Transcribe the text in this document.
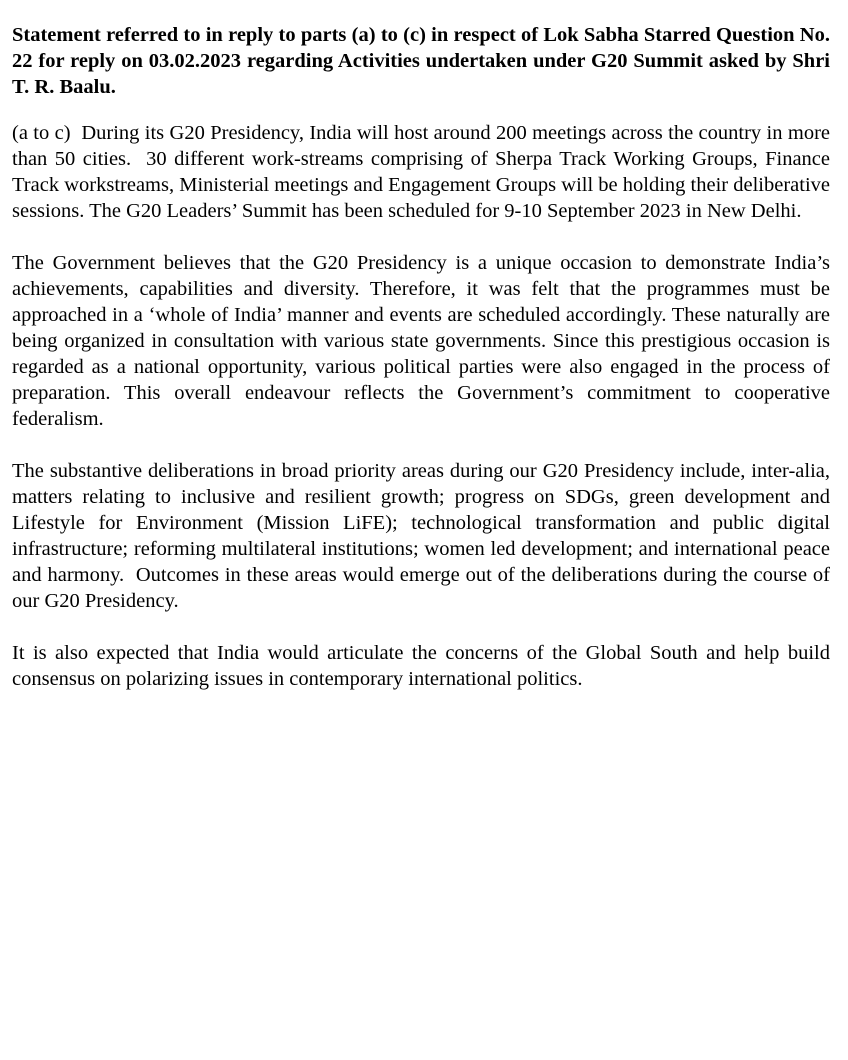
Statement referred to in reply to parts (a) to (c) in respect of Lok Sabha Starred Question No. 22 for reply on 03.02.2023 regarding Activities undertaken under G20 Summit asked by Shri T. R. Baalu.

(a to c)  During its G20 Presidency, India will host around 200 meetings across the country in more than 50 cities.  30 different work-streams comprising of Sherpa Track Working Groups, Finance Track workstreams, Ministerial meetings and Engagement Groups will be holding their deliberative sessions. The G20 Leaders’ Summit has been scheduled for 9-10 September 2023 in New Delhi.

The Government believes that the G20 Presidency is a unique occasion to demonstrate India’s achievements, capabilities and diversity. Therefore, it was felt that the programmes must be approached in a ‘whole of India’ manner and events are scheduled accordingly. These naturally are being organized in consultation with various state governments. Since this prestigious occasion is regarded as a national opportunity, various political parties were also engaged in the process of preparation. This overall endeavour reflects the Government’s commitment to cooperative federalism.

The substantive deliberations in broad priority areas during our G20 Presidency include, inter-alia, matters relating to inclusive and resilient growth; progress on SDGs, green development and Lifestyle for Environment (Mission LiFE); technological transformation and public digital infrastructure; reforming multilateral institutions; women led development; and international peace and harmony.  Outcomes in these areas would emerge out of the deliberations during the course of our G20 Presidency.

It is also expected that India would articulate the concerns of the Global South and help build consensus on polarizing issues in contemporary international politics.
